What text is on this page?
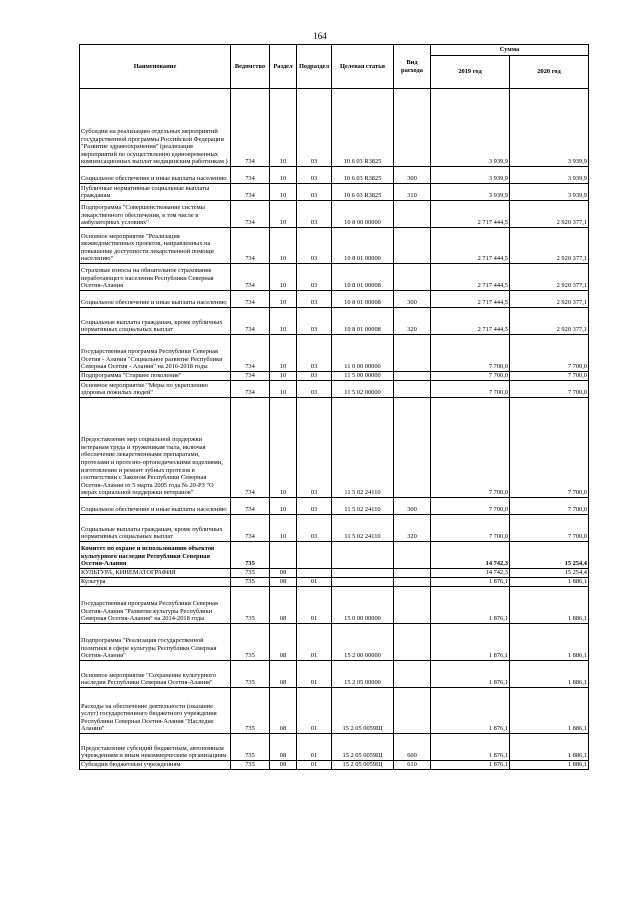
164
Наименование	Ведомство	Раздел	Подраздел	Целевая статья	Вид расхода	Сумма	
						2019 год	2020 год
Субсидии на реализацию отдельных мероприятий государственной программы Российской Федерации "Развитие здравоохранения" (реализация мероприятий по осуществлению единовременных компенсационных выплат медицинским работникам )	734	10	03	10 6 03 R3825		3 939,9	3 939,9
Социальное обеспечение и иные выплаты населению	734	10	03	10 6 03 R3825	300	3 939,9	3 939,9
Публичные нормативные социальные выплаты гражданам	734	10	03	10 6 03 R3825	310	3 939,9	3 939,9
Подпрограмма "Совершенствование системы лекарственного обеспечения, в том числе в амбулаторных условиях"	734	10	03	10 8 00 00000		2 717 444,5	2 920 377,1
Основное мероприятие "Реализация межведомственных проектов, направленных на повышение доступности лекарственной помощи населению"	734	10	03	10 8 01 00000		2 717 444,5	2 920 377,1
Страховые взносы на обязательное страхование неработающего населения Республики Северная Осетия-Алания	734	10	03	10 8 01 00008		2 717 444,5	2 920 377,1
Социальное обеспечение и иные выплаты населению	734	10	03	10 8 01 00008	300	2 717 444,5	2 920 377,1
Социальные выплаты гражданам, кроме публичных нормативных социальных выплат	734	10	03	10 8 01 00008	320	2 717 444,5	2 920 377,1
Государственная программа Республики Северная Осетия - Алания "Социальное развитие Республики Северная Осетия - Алания" на 2016-2018 годы	734	10	03	11 0 00 00000		7 700,0	7 700,0
Подпрограмма "Старшее поколение"	734	10	03	11 5 00 00000		7 700,0	7 700,0
Основное мероприятие "Меры по укреплению здоровья пожилых людей"	734	10	03	11 5 02 00000		7 700,0	7 700,0
Предоставление мер социальной поддержки ветеранам труда и труженикам тыла, включая обеспечение лекарственными препаратами, протезами и протезно-ортопедическими изделиями, изготовление и ремонт зубных протезов в соответствии с Законом Республики Северная Осетия-Алания от 5 марта 2005 года № 20-РЗ "О мерах социальной поддержки ветеранов"	734	10	03	11 5 02 24110		7 700,0	7 700,0
Социальное обеспечение и иные выплаты населению	734	10	03	11 5 02 24110	300	7 700,0	7 700,0
Социальные выплаты гражданам, кроме публичных нормативных социальных выплат	734	10	03	11 5 02 24110	320	7 700,0	7 700,0
Комитет по охране и использованию объектов культурного наследия Республики Северная Осетия-Алания	735					14 742,3	15 254,4
КУЛЬТУРА, КИНЕМАТОГРАФИЯ	735	08				14 742,3	15 254,4
Культура	735	08	01			1 876,1	1 886,1
Государственная программа Республики Северная Осетия-Алания "Развитие культуры Республики Северная Осетия-Алания" на 2014-2018 годы	735	08	01	15 0 00 00000		1 876,1	1 886,1
Подпрограмма "Реализация государственной политики в сфере культуры Республики Северная Осетия-Алания"	735	08	01	15 2 00 00000		1 876,1	1 886,1
Основное мероприятие "Сохранение культурного наследия Республики Северная Осетия-Алания"	735	08	01	15 2 05 00000		1 876,1	1 886,1
Расходы на обеспечение деятельности (оказание услуг) государственного бюджетного учреждения Республики Северная Осетия-Алания "Наследие Алании"	735	08	01	15 2 05 0059Щ		1 876,1	1 886,1
Предоставление субсидий бюджетным, автономным учреждениям и иным некоммерческим организациям	735	08	01	15 2 05 0059Щ	600	1 876,1	1 886,1
Субсидии бюджетным учреждениям	735	08	01	15 2 05 0059Щ	610	1 876,1	1 886,1
